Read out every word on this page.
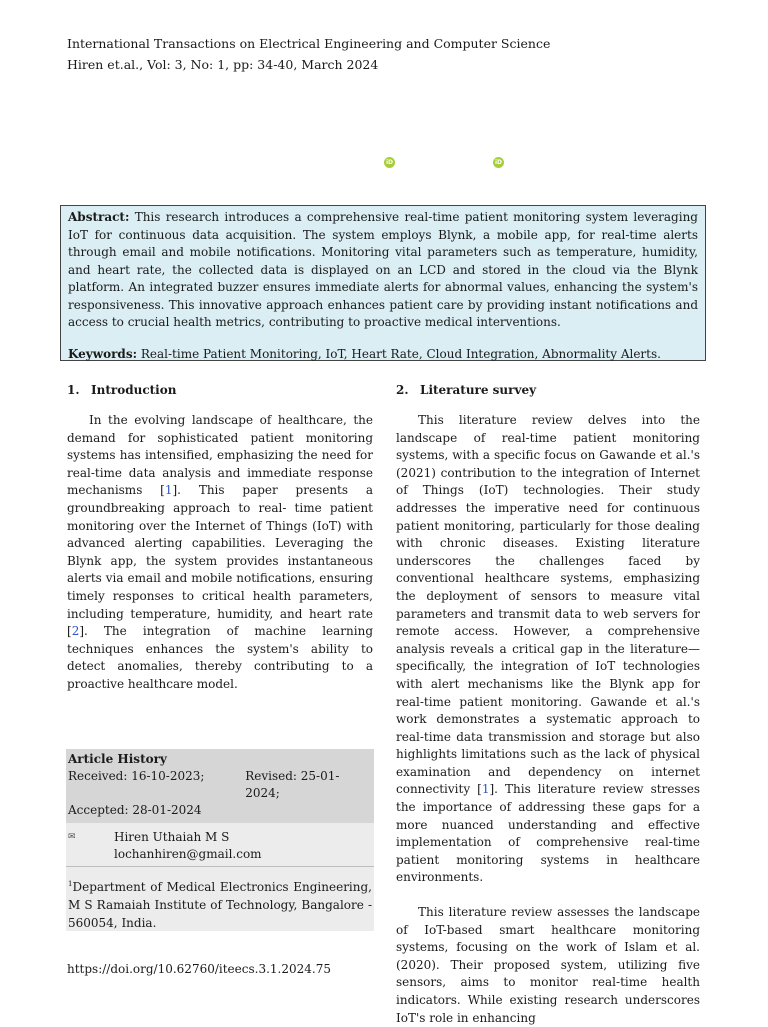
International Transactions on Electrical Engineering and Computer Science
Hiren et.al., Vol: 3, No: 1, pp: 34-40, March 2024
iD	iD
Abstract: This research introduces a comprehensive real-time patient monitoring system leveraging IoT for continuous data acquisition. The system employs Blynk, a mobile app, for real-time alerts through email and mobile notifications. Monitoring vital parameters such as temperature, humidity, and heart rate, the collected data is displayed on an LCD and stored in the cloud via the Blynk platform. An integrated buzzer ensures immediate alerts for abnormal values, enhancing the system's responsiveness. This innovative approach enhances patient care by providing instant notifications and access to crucial health metrics, contributing to proactive medical interventions.
Keywords: Real-time Patient Monitoring, IoT, Heart Rate, Cloud Integration, Abnormality Alerts.
1. Introduction

In the evolving landscape of healthcare, the demand for sophisticated patient monitoring systems has intensified, emphasizing the need for real-time data analysis and immediate response mechanisms [1]. This paper presents a groundbreaking approach to real- time patient monitoring over the Internet of Things (IoT) with advanced alerting capabilities. Leveraging the Blynk app, the system provides instantaneous alerts via email and mobile notifications, ensuring timely responses to critical health parameters, including temperature, humidity, and heart rate [2]. The integration of machine learning techniques enhances the system's ability to detect anomalies, thereby contributing to a proactive healthcare model.

2. Literature survey

This literature review delves into the landscape of real-time patient monitoring systems, with a specific focus on Gawande et al.'s (2021) contribution to the integration of Internet of Things (IoT) technologies. Their study addresses the imperative need for continuous patient monitoring, particularly for those dealing with chronic diseases. Existing literature underscores the challenges faced by conventional healthcare systems, emphasizing the deployment of sensors to measure vital parameters and transmit data to web servers for remote access. However, a comprehensive analysis reveals a critical gap in the literature—specifically, the integration of IoT technologies with alert mechanisms like the Blynk app for real-time patient monitoring. Gawande et al.'s work demonstrates a systematic approach to real-time data transmission and storage but also highlights limitations such as the lack of physical examination and dependency on internet connectivity [1]. This literature review stresses the importance of addressing these gaps for a more nuanced understanding and effective implementation of comprehensive real-time patient monitoring systems in healthcare environments.

This literature review assesses the landscape of IoT-based smart healthcare monitoring systems, focusing on the work of Islam et al. (2020). Their proposed system, utilizing five sensors, aims to monitor real-time health indicators. While existing research underscores IoT's role in enhancing

Article History
Received: 16-10-2023;	Revised: 25-01-2024;
Accepted: 28-01-2024
✉	Hiren Uthaiah M S
lochanhiren@gmail.com
$^1$Department of Medical Electronics Engineering, M S Ramaiah Institute of Technology, Bangalore - 560054, India.
https://doi.org/10.62760/iteecs.3.1.2024.75
